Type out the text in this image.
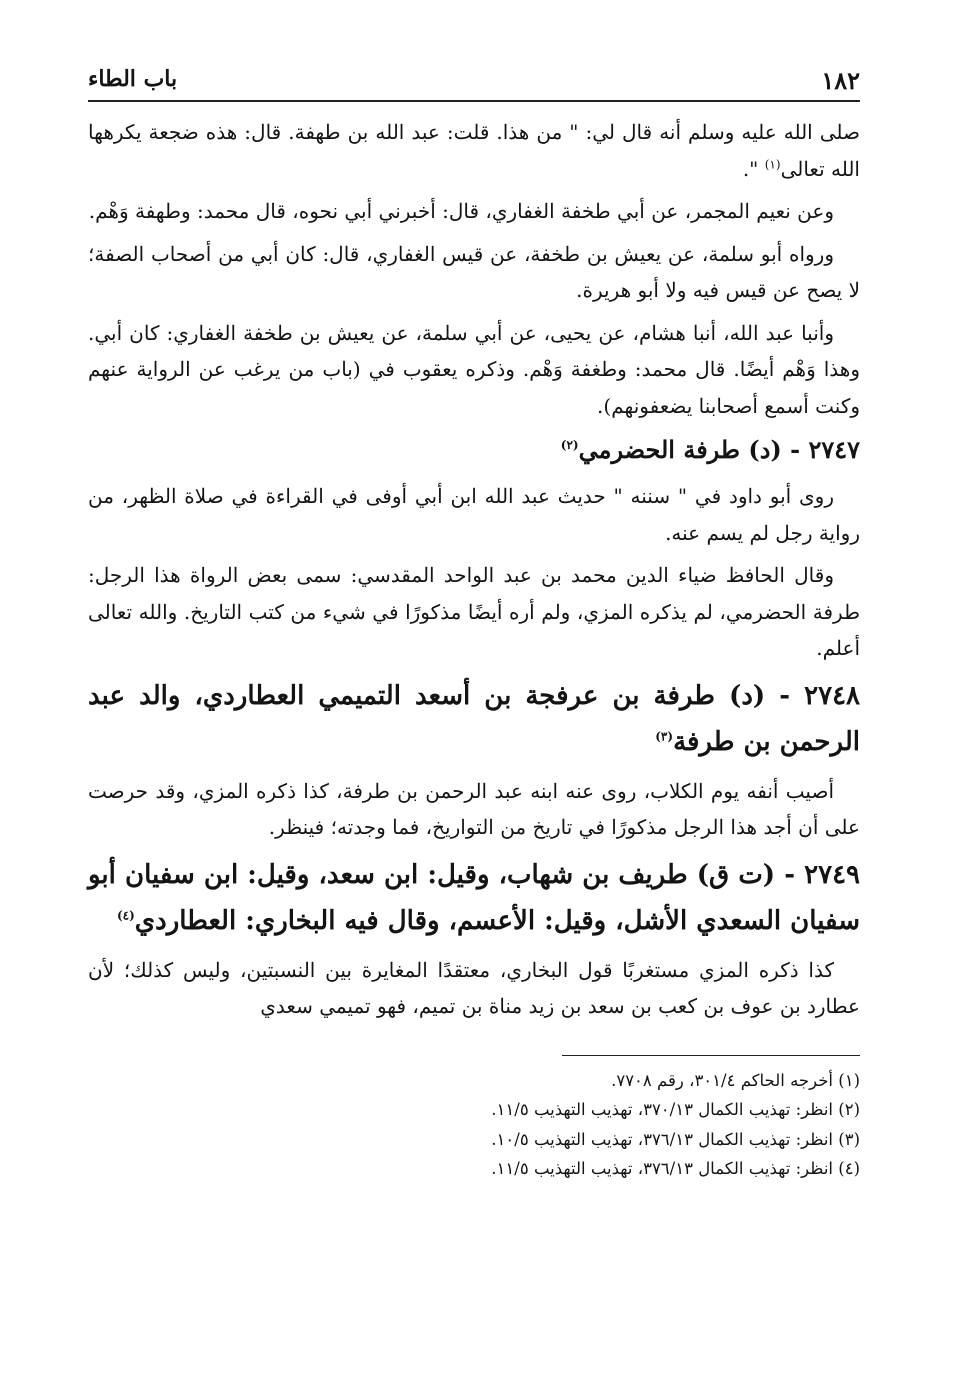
١٨٢
باب الطاء

صلى الله عليه وسلم أنه قال لي: " من هذا. قلت: عبد الله بن طهفة. قال: هذه ضجعة يكرهها الله تعالى$^{(١)}$ ".

وعن نعيم المجمر، عن أبي طخفة الغفاري، قال: أخبرني أبي نحوه، قال محمد: وطهفة وَهْم.

ورواه أبو سلمة، عن يعيش بن طخفة، عن قيس الغفاري، قال: كان أبي من أصحاب الصفة؛ لا يصح عن قيس فيه ولا أبو هريرة.

وأنبا عبد الله، أنبا هشام، عن يحيى، عن أبي سلمة، عن يعيش بن طخفة الغفاري: كان أبي. وهذا وَهْم أيضًا. قال محمد: وطغفة وَهْم. وذكره يعقوب في (باب من يرغب عن الرواية عنهم وكنت أسمع أصحابنا يضعفونهم).

٢٧٤٧ - (د) طرفة الحضرمي$^{(٢)}$

روى أبو داود في " سننه " حديث عبد الله ابن أبي أوفى في القراءة في صلاة الظهر، من رواية رجل لم يسم عنه.

وقال الحافظ ضياء الدين محمد بن عبد الواحد المقدسي: سمى بعض الرواة هذا الرجل: طرفة الحضرمي، لم يذكره المزي، ولم أره أيضًا مذكورًا في شيء من كتب التاريخ. والله تعالى أعلم.

٢٧٤٨ - (د) طرفة بن عرفجة بن أسعد التميمي العطاردي، والد عبد الرحمن بن طرفة$^{(٣)}$

أصيب أنفه يوم الكلاب، روى عنه ابنه عبد الرحمن بن طرفة، كذا ذكره المزي، وقد حرصت على أن أجد هذا الرجل مذكورًا في تاريخ من التواريخ، فما وجدته؛ فينظر.

٢٧٤٩ - (ت ق) طريف بن شهاب، وقيل: ابن سعد، وقيل: ابن سفيان أبو سفيان السعدي الأشل، وقيل: الأعسم، وقال فيه البخاري: العطاردي$^{(٤)}$

كذا ذكره المزي مستغربًا قول البخاري، معتقدًا المغايرة بين النسبتين، وليس كذلك؛ لأن عطارد بن عوف بن كعب بن سعد بن زيد مناة بن تميم، فهو تميمي سعدي

(١) أخرجه الحاكم ٣٠١/٤، رقم ٧٧٠٨.

(٢) انظر: تهذيب الكمال ٣٧٠/١٣، تهذيب التهذيب ١١/٥.

(٣) انظر: تهذيب الكمال ٣٧٦/١٣، تهذيب التهذيب ١٠/٥.

(٤) انظر: تهذيب الكمال ٣٧٦/١٣، تهذيب التهذيب ١١/٥.
